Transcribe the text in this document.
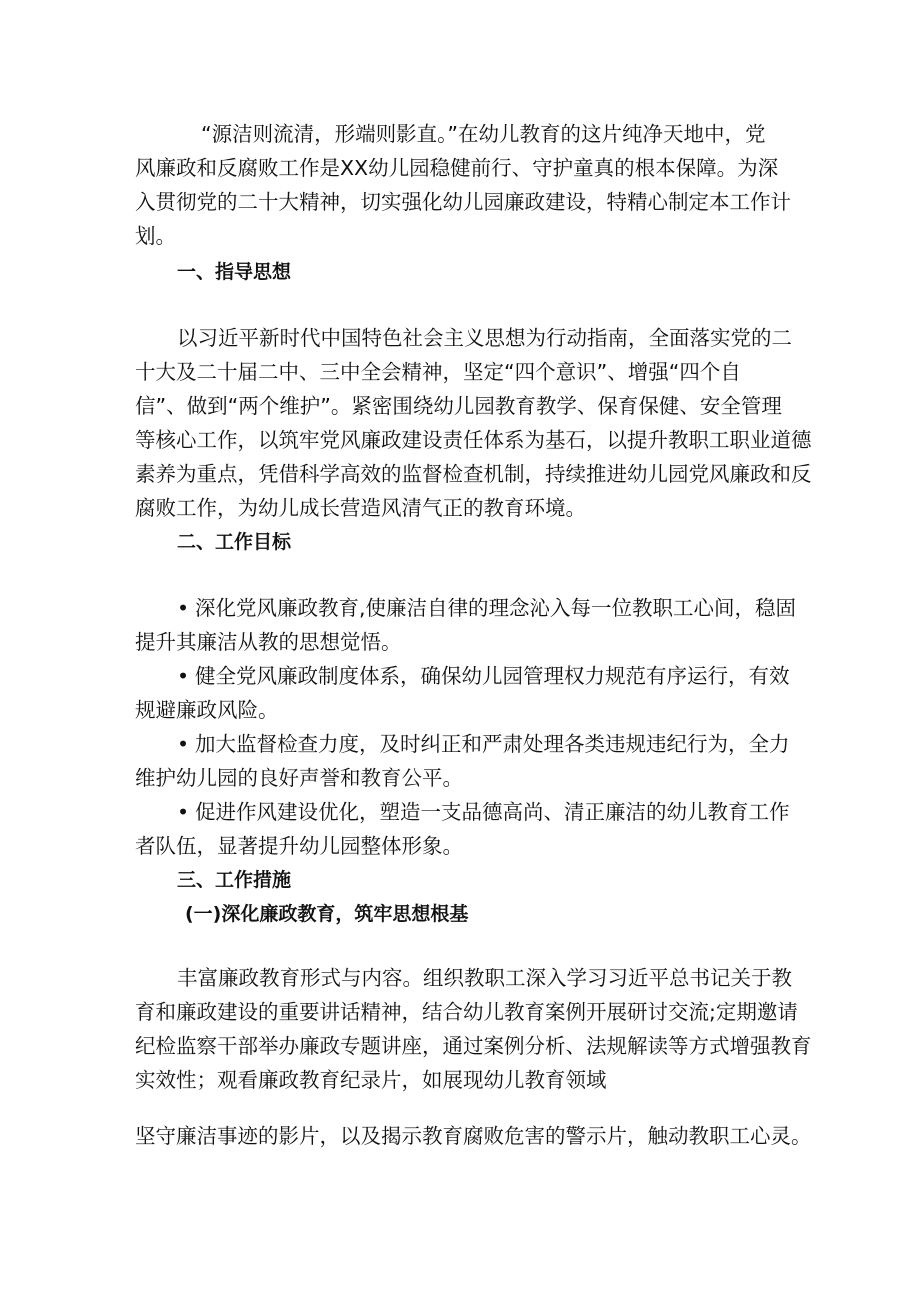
“源洁则流清，形端则影直。”在幼儿教育的这片纯净天地中，党
风廉政和反腐败工作是XX幼儿园稳健前行、守护童真的根本保障。为深
入贯彻党的二十大精神，切实强化幼儿园廉政建设，特精心制定本工作计
划。
一、指导思想
以习近平新时代中国特色社会主义思想为行动指南，全面落实党的二
十大及二十届二中、三中全会精神，坚定“四个意识”、增强“四个自
信”、做到“两个维护”。紧密围绕幼儿园教育教学、保育保健、安全管理
等核心工作，以筑牢党风廉政建设责任体系为基石，以提升教职工职业道德
素养为重点，凭借科学高效的监督检查机制，持续推进幼儿园党风廉政和反
腐败工作，为幼儿成长营造风清气正的教育环境。
二、工作目标
• 深化党风廉政教育,使廉洁自律的理念沁入每一位教职工心间，稳固
提升其廉洁从教的思想觉悟。
• 健全党风廉政制度体系，确保幼儿园管理权力规范有序运行，有效
规避廉政风险。
• 加大监督检查力度，及时纠正和严肃处理各类违规违纪行为，全力
维护幼儿园的良好声誉和教育公平。
• 促进作风建设优化，塑造一支品德高尚、清正廉洁的幼儿教育工作
者队伍，显著提升幼儿园整体形象。
三、工作措施
(一)深化廉政教育，筑牢思想根基
丰富廉政教育形式与内容。组织教职工深入学习习近平总书记关于教
育和廉政建设的重要讲话精神，结合幼儿教育案例开展研讨交流;定期邀请
纪检监察干部举办廉政专题讲座，通过案例分析、法规解读等方式增强教育
实效性；观看廉政教育纪录片，如展现幼儿教育领域
坚守廉洁事迹的影片，以及揭示教育腐败危害的警示片，触动教职工心灵。
